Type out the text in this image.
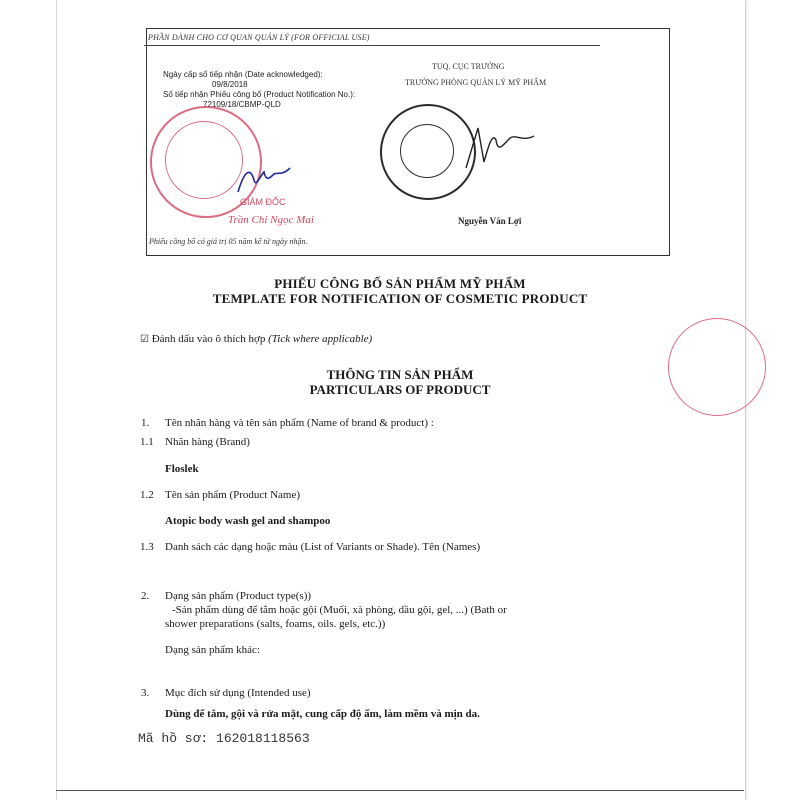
PHẦN DÀNH CHO CƠ QUAN QUẢN LÝ (FOR OFFICIAL USE)
Ngày cấp số tiếp nhận (Date acknowledged):
09/8/2018
Số tiếp nhận Phiếu công bố (Product Notification No.):
72109/18/CBMP-QLD
TUQ. CỤC TRƯỞNG
TRƯỞNG PHÒNG QUẢN LÝ MỸ PHẨM
GIÁM ĐỐC
Trần Chi Ngọc Mai
Phiếu công bố có giá trị 05 năm kể từ ngày nhận.
Nguyễn Văn Lợi
PHIẾU CÔNG BỐ SẢN PHẨM MỸ PHẨM
TEMPLATE FOR NOTIFICATION OF COSMETIC PRODUCT
☑ Đánh dấu vào ô thích hợp (Tick where applicable)
THÔNG TIN SẢN PHẨM
PARTICULARS OF PRODUCT
1. Tên nhãn hàng và tên sản phẩm (Name of brand & product) :
1.1 Nhãn hàng (Brand)
Floslek
1.2 Tên sản phẩm (Product Name)
Atopic body wash gel and shampoo
1.3 Danh sách các dạng hoặc màu (List of Variants or Shade). Tên (Names)
2. Dạng sản phẩm (Product type(s))
-Sản phẩm dùng để tắm hoặc gội (Muối, xà phòng, dầu gội, gel, ...) (Bath or
shower preparations (salts, foams, oils. gels, etc.))
Dạng sản phẩm khác:
3. Mục đích sử dụng (Intended use)
Dùng để tắm, gội và rửa mặt, cung cấp độ ẩm, làm mềm và mịn da.
Mã hồ sơ: 162018118563
